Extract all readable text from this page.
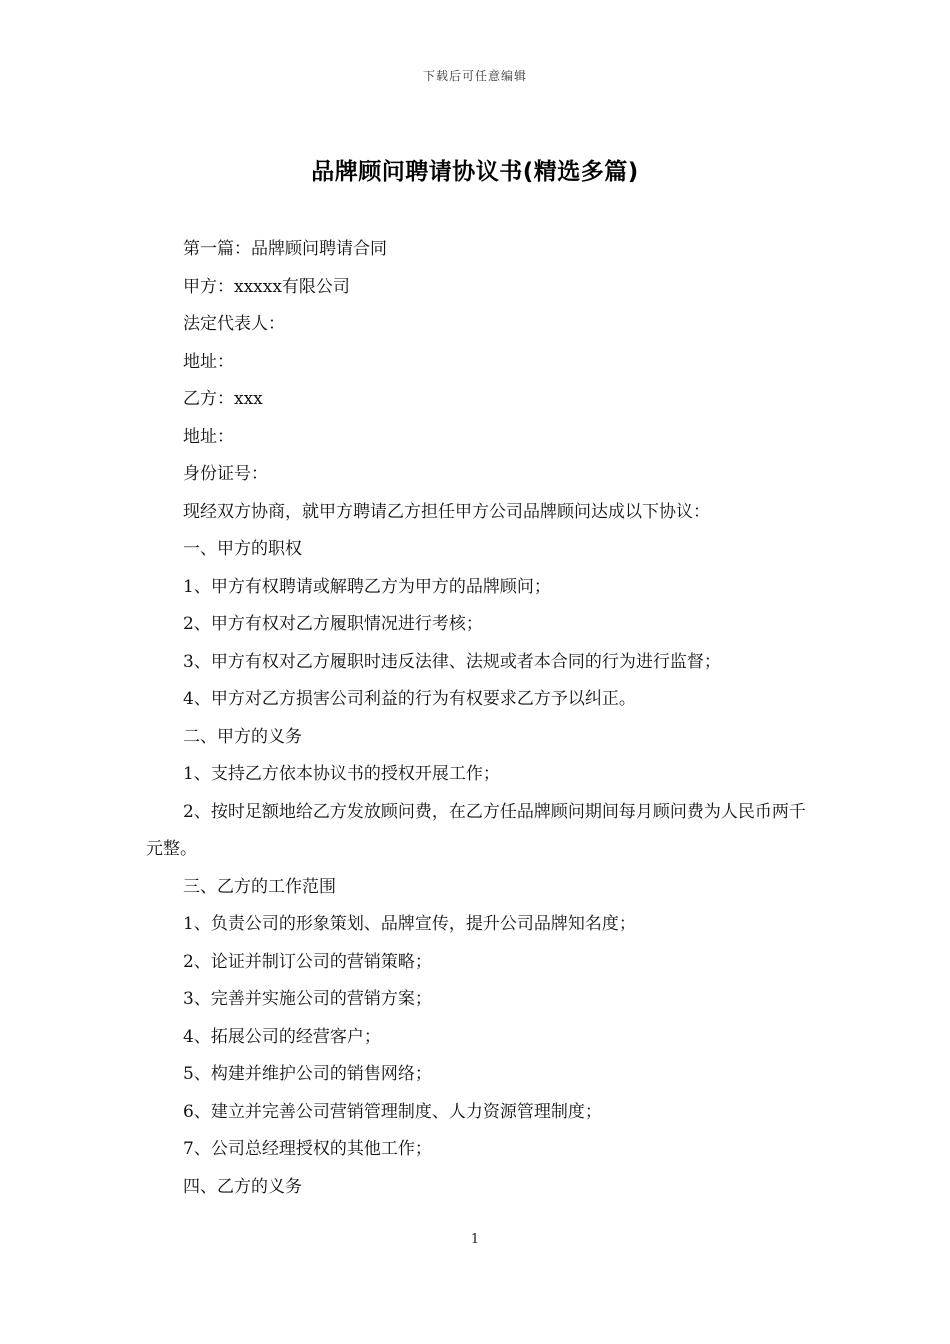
下载后可任意编辑
品牌顾问聘请协议书(精选多篇)

第一篇：品牌顾问聘请合同

甲方：xxxxx有限公司

法定代表人：

地址：

乙方：xxx

地址：

身份证号：

现经双方协商，就甲方聘请乙方担任甲方公司品牌顾问达成以下协议：

一、甲方的职权

1、甲方有权聘请或解聘乙方为甲方的品牌顾问；

2、甲方有权对乙方履职情况进行考核；

3、甲方有权对乙方履职时违反法律、法规或者本合同的行为进行监督；

4、甲方对乙方损害公司利益的行为有权要求乙方予以纠正。

二、甲方的义务

1、支持乙方依本协议书的授权开展工作；

2、按时足额地给乙方发放顾问费，在乙方任品牌顾问期间每月顾问费为人民币两千元整。

三、乙方的工作范围

1、负责公司的形象策划、品牌宣传，提升公司品牌知名度；

2、论证并制订公司的营销策略；

3、完善并实施公司的营销方案；

4、拓展公司的经营客户；

5、构建并维护公司的销售网络；

6、建立并完善公司营销管理制度、人力资源管理制度；

7、公司总经理授权的其他工作；

四、乙方的义务

1
